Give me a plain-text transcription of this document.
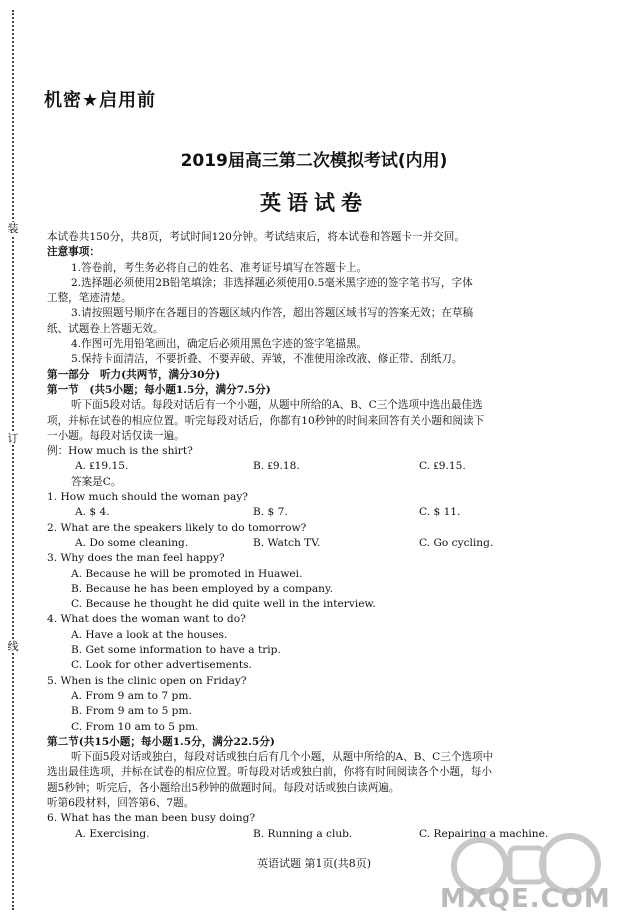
装
订
线
机密★启用前
2019届高三第二次模拟考试(内用)
英语试卷
本试卷共150分，共8页，考试时间120分钟。考试结束后，将本试卷和答题卡一并交回。
注意事项：
1.答卷前，考生务必将自己的姓名、准考证号填写在答题卡上。
2.选择题必须使用2B铅笔填涂；非选择题必须使用0.5毫米黑字迹的签字笔书写，字体
工整，笔迹清楚。
3.请按照题号顺序在各题目的答题区域内作答，超出答题区域书写的答案无效；在草稿
纸、试题卷上答题无效。
4.作图可先用铅笔画出，确定后必须用黑色字迹的签字笔描黑。
5.保持卡面清洁，不要折叠、不要弄破、弄皱，不准使用涂改液、修正带、刮纸刀。
第一部分　听力(共两节，满分30分)
第一节　(共5小题；每小题1.5分，满分7.5分)
听下面5段对话。每段对话后有一个小题，从题中所给的A、B、C三个选项中选出最佳选
项，并标在试卷的相应位置。听完每段对话后，你都有10秒钟的时间来回答有关小题和阅读下
一小题。每段对话仅读一遍。
例：How much is the shirt?
A. ₤19.15.	B. ₤9.18.	C. ₤9.15.
答案是C。
1. How much should the woman pay?
A. $ 4.	B. $ 7.	C. $ 11.
2. What are the speakers likely to do tomorrow?
A. Do some cleaning.	B. Watch TV.	C. Go cycling.
3. Why does the man feel happy?
A. Because he will be promoted in Huawei.
B. Because he has been employed by a company.
C. Because he thought he did quite well in the interview.
4. What does the woman want to do?
A. Have a look at the houses.
B. Get some information to have a trip.
C. Look for other advertisements.
5. When is the clinic open on Friday?
A. From 9 am to 7 pm.
B. From 9 am to 5 pm.
C. From 10 am to 5 pm.
第二节(共15小题；每小题1.5分，满分22.5分)
听下面5段对话或独白，每段对话或独白后有几个小题，从题中所给的A、B、C三个选项中
选出最佳选项，并标在试卷的相应位置。听每段对话或独白前，你将有时间阅读各个小题，每小
题5秒钟；听完后，各小题给出5秒钟的做题时间。每段对话或独白读两遍。
听第6段材料，回答第6、7题。
6. What has the man been busy doing?
A. Exercising.	B. Running a club.	C. Repairing a machine.
英语试题 第1页(共8页)
MXQE.COM
